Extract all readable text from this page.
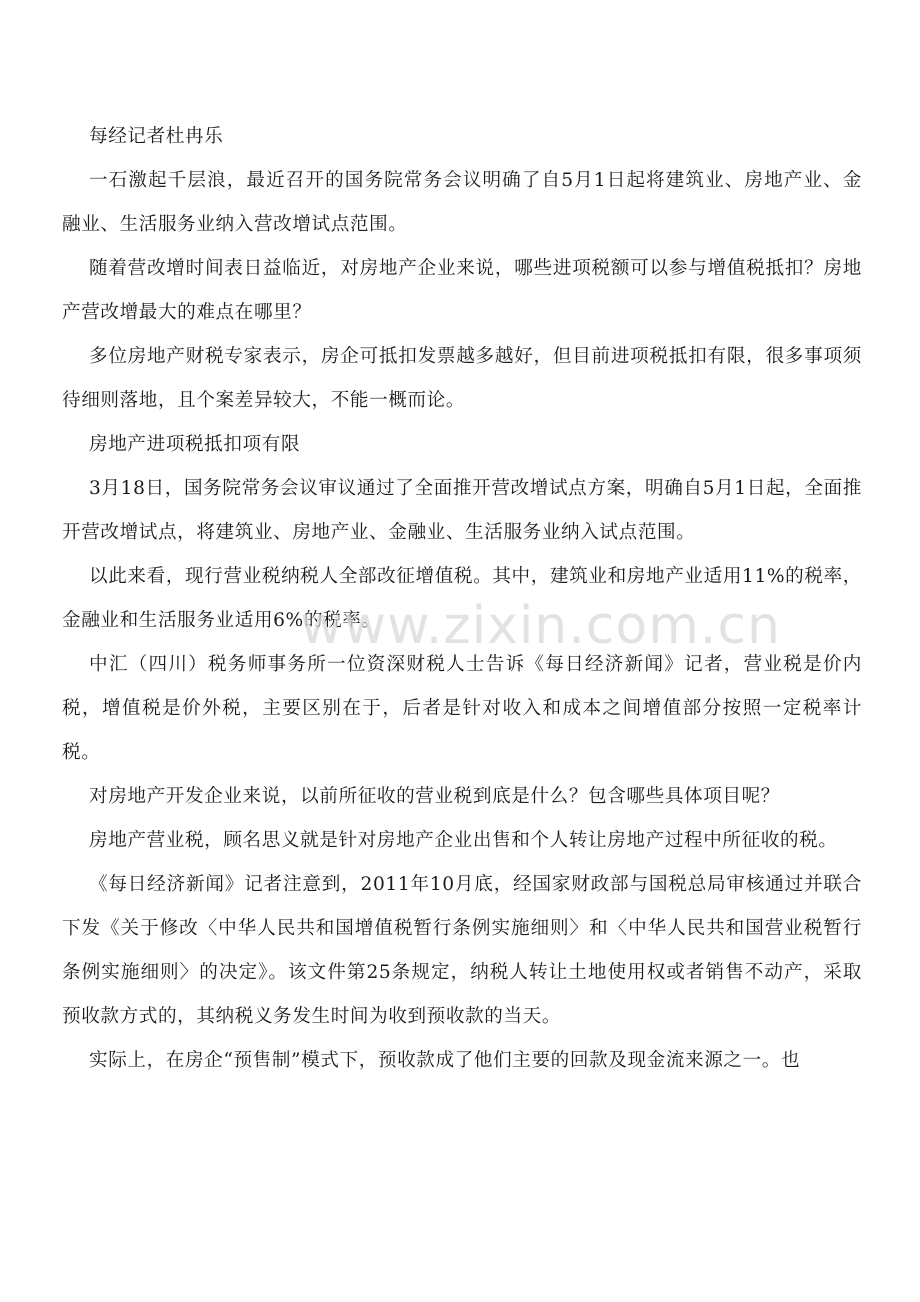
每经记者杜冉乐

一石激起千层浪，最近召开的国务院常务会议明确了自5月1日起将建筑业、房地产业、金融业、生活服务业纳入营改增试点范围。

随着营改增时间表日益临近，对房地产企业来说，哪些进项税额可以参与增值税抵扣？房地产营改增最大的难点在哪里？

多位房地产财税专家表示，房企可抵扣发票越多越好，但目前进项税抵扣有限，很多事项须待细则落地，且个案差异较大，不能一概而论。

房地产进项税抵扣项有限

3月18日，国务院常务会议审议通过了全面推开营改增试点方案，明确自5月1日起，全面推开营改增试点，将建筑业、房地产业、金融业、生活服务业纳入试点范围。

以此来看，现行营业税纳税人全部改征增值税。其中，建筑业和房地产业适用11%的税率，金融业和生活服务业适用6%的税率。

中汇（四川）税务师事务所一位资深财税人士告诉《每日经济新闻》记者，营业税是价内税，增值税是价外税，主要区别在于，后者是针对收入和成本之间增值部分按照一定税率计税。

对房地产开发企业来说，以前所征收的营业税到底是什么？包含哪些具体项目呢？

房地产营业税，顾名思义就是针对房地产企业出售和个人转让房地产过程中所征收的税。

《每日经济新闻》记者注意到，2011年10月底，经国家财政部与国税总局审核通过并联合下发《关于修改〈中华人民共和国增值税暂行条例实施细则〉和〈中华人民共和国营业税暂行条例实施细则〉的决定》。该文件第25条规定，纳税人转让土地使用权或者销售不动产，采取预收款方式的，其纳税义务发生时间为收到预收款的当天。

实际上，在房企“预售制”模式下，预收款成了他们主要的回款及现金流来源之一。也

www.zixin.com.cn
